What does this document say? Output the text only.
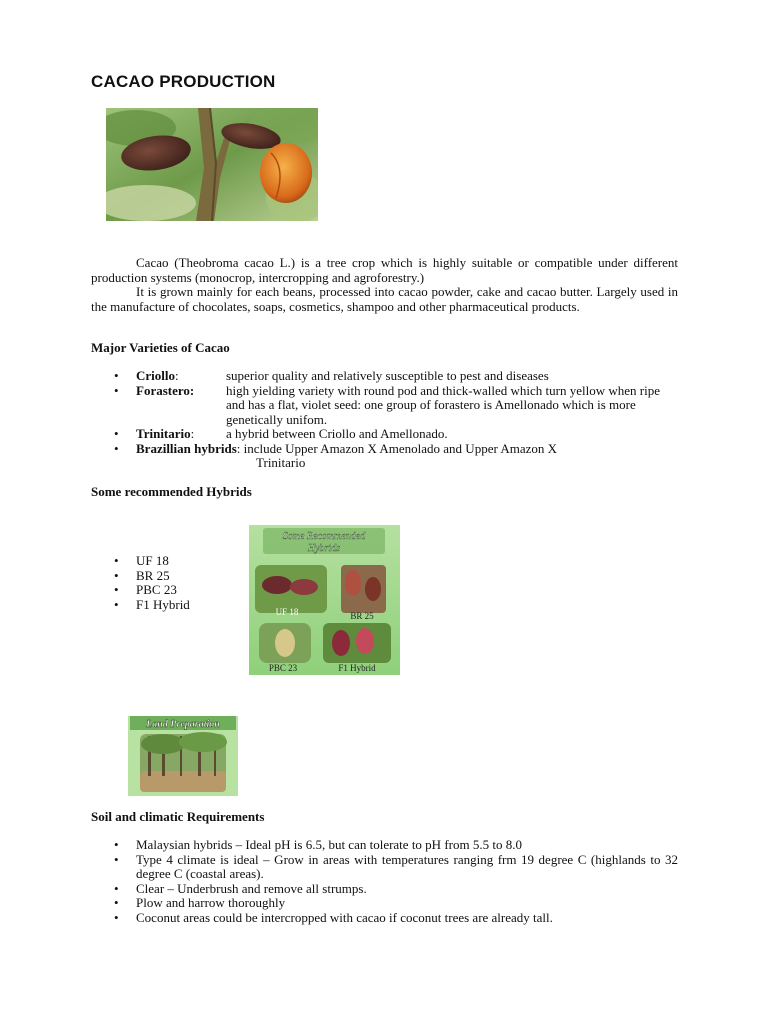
CACAO PRODUCTION
Cacao (Theobroma cacao L.) is a tree crop which is highly suitable or compatible under different production systems (monocrop, intercropping and agroforestry.)
It is grown mainly for each beans, processed into cacao powder, cake and cacao butter. Largely used in the manufacture of chocolates, soaps, cosmetics, shampoo and other pharmaceutical products.
Major Varieties of Cacao
• Criollo:	superior quality and relatively susceptible to pest and diseases
• Forastero:	high yielding variety with round pod and thick-walled which turn yellow when ripe and has a flat, violet seed: one group of forastero is Amellonado which is more genetically unifom.
• Trinitario: a hybrid between Criollo and Amellonado.
• Brazillian hybrids: include Upper Amazon X Amenolado and Upper Amazon X
Trinitario
Some recommended Hybrids
• UF 18
• BR 25
• PBC 23
• F1 Hybrid
Some Recommended
Hybrids
UF 18	BR 25
PBC 23	F1 Hybrid
Land Preparation
Soil and climatic Requirements
• Malaysian hybrids – Ideal pH is 6.5, but can tolerate to pH from 5.5 to 8.0
• Type 4 climate is ideal – Grow in areas with temperatures ranging frm 19 degree C (highlands to 32 degree C (coastal areas).
• Clear – Underbrush and remove all strumps.
• Plow and harrow thoroughly
• Coconut areas could be intercropped with cacao if coconut trees are already tall.
